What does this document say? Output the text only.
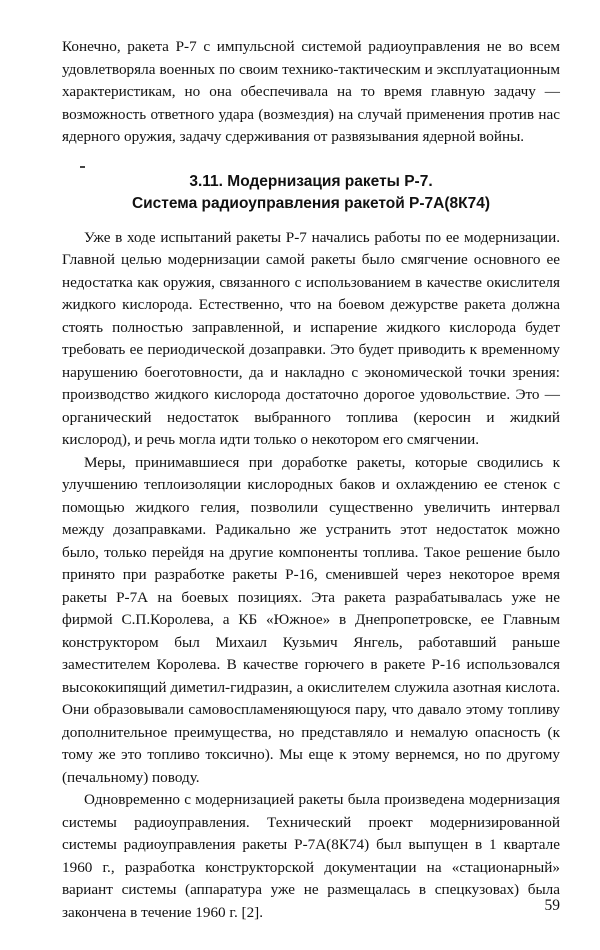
Конечно, ракета Р-7 с импульсной системой радиоуправления не во всем удовлетворяла военных по своим технико-тактическим и эксплуатационным характеристикам, но она обеспечивала на то время главную задачу — возможность ответного удара (возмездия) на случай применения против нас ядерного оружия, задачу сдерживания от развязывания ядерной войны.

3.11. Модернизация ракеты Р-7.
Система радиоуправления ракетой Р-7А(8К74)

Уже в ходе испытаний ракеты Р-7 начались работы по ее модернизации. Главной целью модернизации самой ракеты было смягчение основного ее недостатка как оружия, связанного с использованием в качестве окислителя жидкого кислорода. Естественно, что на боевом дежурстве ракета должна стоять полностью заправленной, и испарение жидкого кислорода будет требовать ее периодической дозаправки. Это будет приводить к временному нарушению боеготовности, да и накладно с экономической точки зрения: производство жидкого кислорода достаточно дорогое удовольствие. Это — органический недостаток выбранного топлива (керосин и жидкий кислород), и речь могла идти только о некотором его смягчении.

Меры, принимавшиеся при доработке ракеты, которые сводились к улучшению теплоизоляции кислородных баков и охлаждению ее стенок с помощью жидкого гелия, позволили существенно увеличить интервал между дозаправками. Радикально же устранить этот недостаток можно было, только перейдя на другие компоненты топлива. Такое решение было принято при разработке ракеты Р-16, сменившей через некоторое время ракеты Р-7А на боевых позициях. Эта ракета разрабатывалась уже не фирмой С.П.Королева, а КБ «Южное» в Днепропетровске, ее Главным конструктором был Михаил Кузьмич Янгель, работавший раньше заместителем Королева. В качестве горючего в ракете Р-16 использовался высококипящий диметил-гидразин, а окислителем служила азотная кислота. Они образовывали самовоспламеняющуюся пару, что давало этому топливу дополнительное преимущества, но представляло и немалую опасность (к тому же это топливо токсично). Мы еще к этому вернемся, но по другому (печальному) поводу.

Одновременно с модернизацией ракеты была произведена модернизация системы радиоуправления. Технический проект модернизированной системы радиоуправления ракеты Р-7А(8К74) был выпущен в 1 квартале 1960 г., разработка конструкторской документации на «стационарный» вариант системы (аппаратура уже не размещалась в спецкузовах) была закончена в течение 1960 г. [2].	59
